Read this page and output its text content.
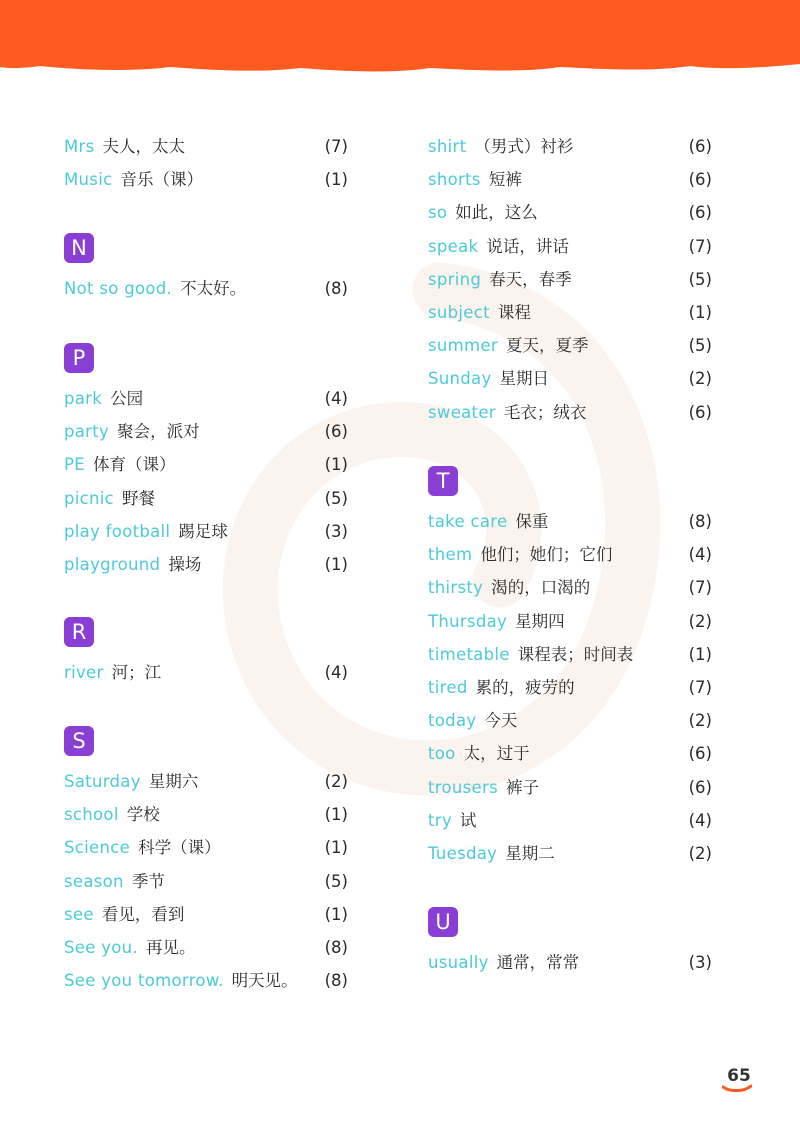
Mrs 夫人，太太	(7)
Music 音乐（课）	(1)
N
Not so good. 不太好。	(8)
P
park 公园	(4)
party 聚会，派对	(6)
PE 体育（课）	(1)
picnic 野餐	(5)
play football 踢足球	(3)
playground 操场	(1)
R
river 河；江	(4)
S
Saturday 星期六	(2)
school 学校	(1)
Science 科学（课）	(1)
season 季节	(5)
see 看见，看到	(1)
See you. 再见。	(8)
See you tomorrow. 明天见。 (8)
shirt （男式）衬衫	(6)
shorts 短裤	(6)
so 如此，这么	(6)
speak 说话，讲话	(7)
spring 春天，春季	(5)
subject 课程	(1)
summer 夏天，夏季	(5)
Sunday 星期日	(2)
sweater 毛衣；绒衣	(6)
T
take care 保重	(8)
them 他们；她们；它们	(4)
thirsty 渴的，口渴的	(7)
Thursday 星期四	(2)
timetable 课程表；时间表	(1)
tired 累的，疲劳的	(7)
today 今天	(2)
too 太，过于	(6)
trousers 裤子	(6)
try 试	(4)
Tuesday 星期二	(2)
U
usually 通常，常常	(3)
65
